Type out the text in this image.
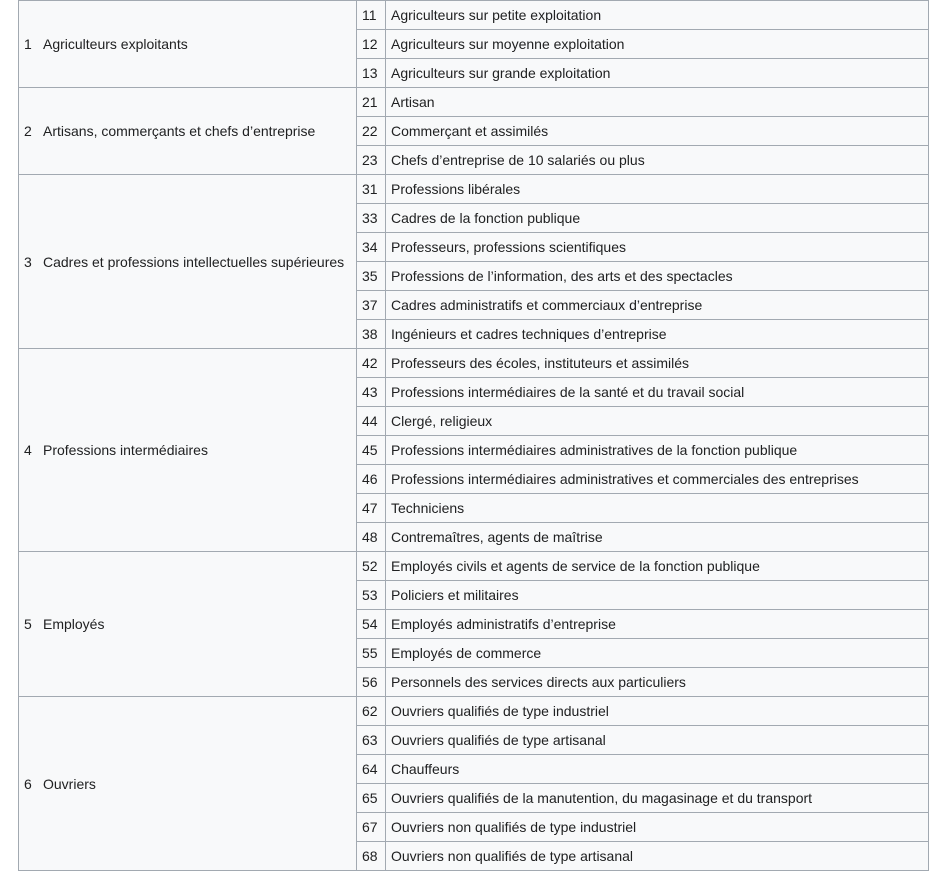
1	Agriculteurs exploitants	11	Agriculteurs sur petite exploitation
		12	Agriculteurs sur moyenne exploitation
		13	Agriculteurs sur grande exploitation
2	Artisans, commerçants et chefs d’entreprise	21	Artisan
		22	Commerçant et assimilés
		23	Chefs d’entreprise de 10 salariés ou plus
3	Cadres et professions intellectuelles supérieures	31	Professions libérales
		33	Cadres de la fonction publique
		34	Professeurs, professions scientifiques
		35	Professions de l’information, des arts et des spectacles
		37	Cadres administratifs et commerciaux d’entreprise
		38	Ingénieurs et cadres techniques d’entreprise
4	Professions intermédiaires	42	Professeurs des écoles, instituteurs et assimilés
		43	Professions intermédiaires de la santé et du travail social
		44	Clergé, religieux
		45	Professions intermédiaires administratives de la fonction publique
		46	Professions intermédiaires administratives et commerciales des entreprises
		47	Techniciens
		48	Contremaîtres, agents de maîtrise
5	Employés	52	Employés civils et agents de service de la fonction publique
		53	Policiers et militaires
		54	Employés administratifs d’entreprise
		55	Employés de commerce
		56	Personnels des services directs aux particuliers
6	Ouvriers	62	Ouvriers qualifiés de type industriel
		63	Ouvriers qualifiés de type artisanal
		64	Chauffeurs
		65	Ouvriers qualifiés de la manutention, du magasinage et du transport
		67	Ouvriers non qualifiés de type industriel
		68	Ouvriers non qualifiés de type artisanal
